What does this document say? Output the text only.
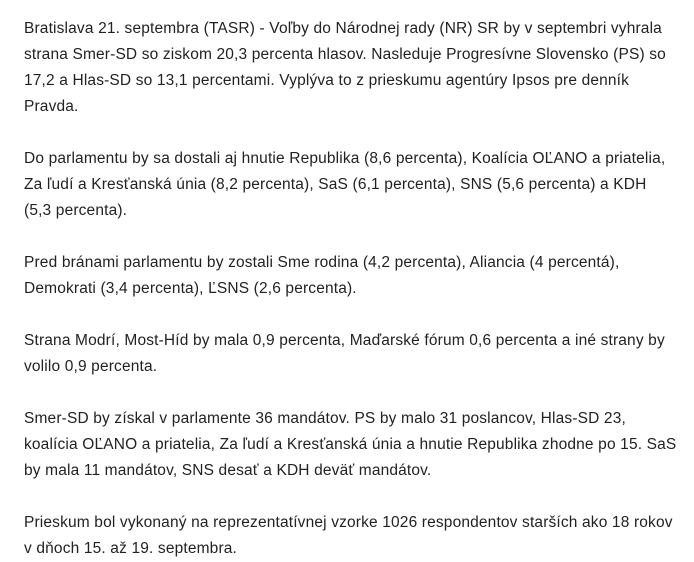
Bratislava 21. septembra (TASR) - Voľby do Národnej rady (NR) SR by v septembri vyhrala strana Smer-SD so ziskom 20,3 percenta hlasov. Nasleduje Progresívne Slovensko (PS) so 17,2 a Hlas-SD so 13,1 percentami. Vyplýva to z prieskumu agentúry Ipsos pre denník Pravda.

Do parlamentu by sa dostali aj hnutie Republika (8,6 percenta), Koalícia OĽANO a priatelia, Za ľudí a Kresťanská únia (8,2 percenta), SaS (6,1 percenta), SNS (5,6 percenta) a KDH (5,3 percenta).

Pred bránami parlamentu by zostali Sme rodina (4,2 percenta), Aliancia (4 percentá), Demokrati (3,4 percenta), ĽSNS (2,6 percenta).

Strana Modrí, Most-Híd by mala 0,9 percenta, Maďarské fórum 0,6 percenta a iné strany by volilo 0,9 percenta.

Smer-SD by získal v parlamente 36 mandátov. PS by malo 31 poslancov, Hlas-SD 23, koalícia OĽANO a priatelia, Za ľudí a Kresťanská únia a hnutie Republika zhodne po 15. SaS by mala 11 mandátov, SNS desať a KDH deväť mandátov.

Prieskum bol vykonaný na reprezentatívnej vzorke 1026 respondentov starších ako 18 rokov v dňoch 15. až 19. septembra.
